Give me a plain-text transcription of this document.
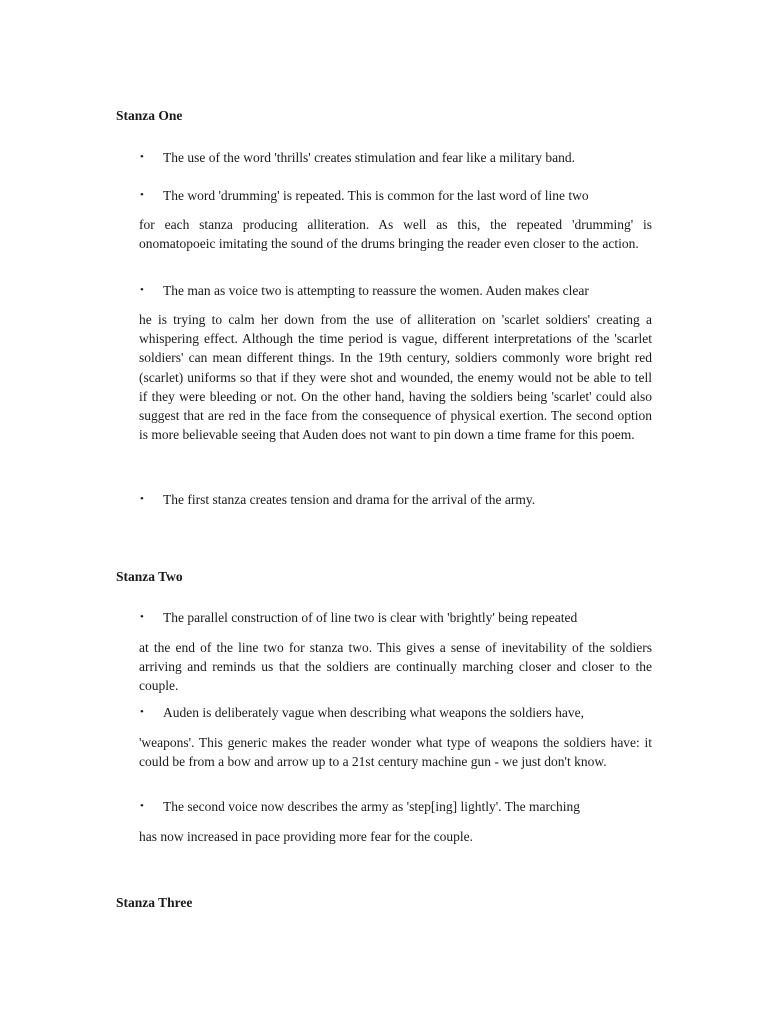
Stanza One
• The use of the word 'thrills' creates stimulation and fear like a military band.
• The word 'drumming' is repeated. This is common for the last word of line two
for each stanza producing alliteration. As well as this, the repeated 'drumming' is onomatopoeic imitating the sound of the drums bringing the reader even closer to the action.
• The man as voice two is attempting to reassure the women. Auden makes clear
he is trying to calm her down from the use of alliteration on 'scarlet soldiers' creating a whispering effect. Although the time period is vague, different interpretations of the 'scarlet soldiers' can mean different things. In the 19th century, soldiers commonly wore bright red (scarlet) uniforms so that if they were shot and wounded, the enemy would not be able to tell if they were bleeding or not. On the other hand, having the soldiers being 'scarlet' could also suggest that are red in the face from the consequence of physical exertion. The second option is more believable seeing that Auden does not want to pin down a time frame for this poem.
• The first stanza creates tension and drama for the arrival of the army.
Stanza Two
• The parallel construction of of line two is clear with 'brightly' being repeated
at the end of the line two for stanza two. This gives a sense of inevitability of the soldiers arriving and reminds us that the soldiers are continually marching closer and closer to the couple.
• Auden is deliberately vague when describing what weapons the soldiers have,
'weapons'. This generic makes the reader wonder what type of weapons the soldiers have: it could be from a bow and arrow up to a 21st century machine gun - we just don't know.
• The second voice now describes the army as 'step[ing] lightly'. The marching
has now increased in pace providing more fear for the couple.
Stanza Three
